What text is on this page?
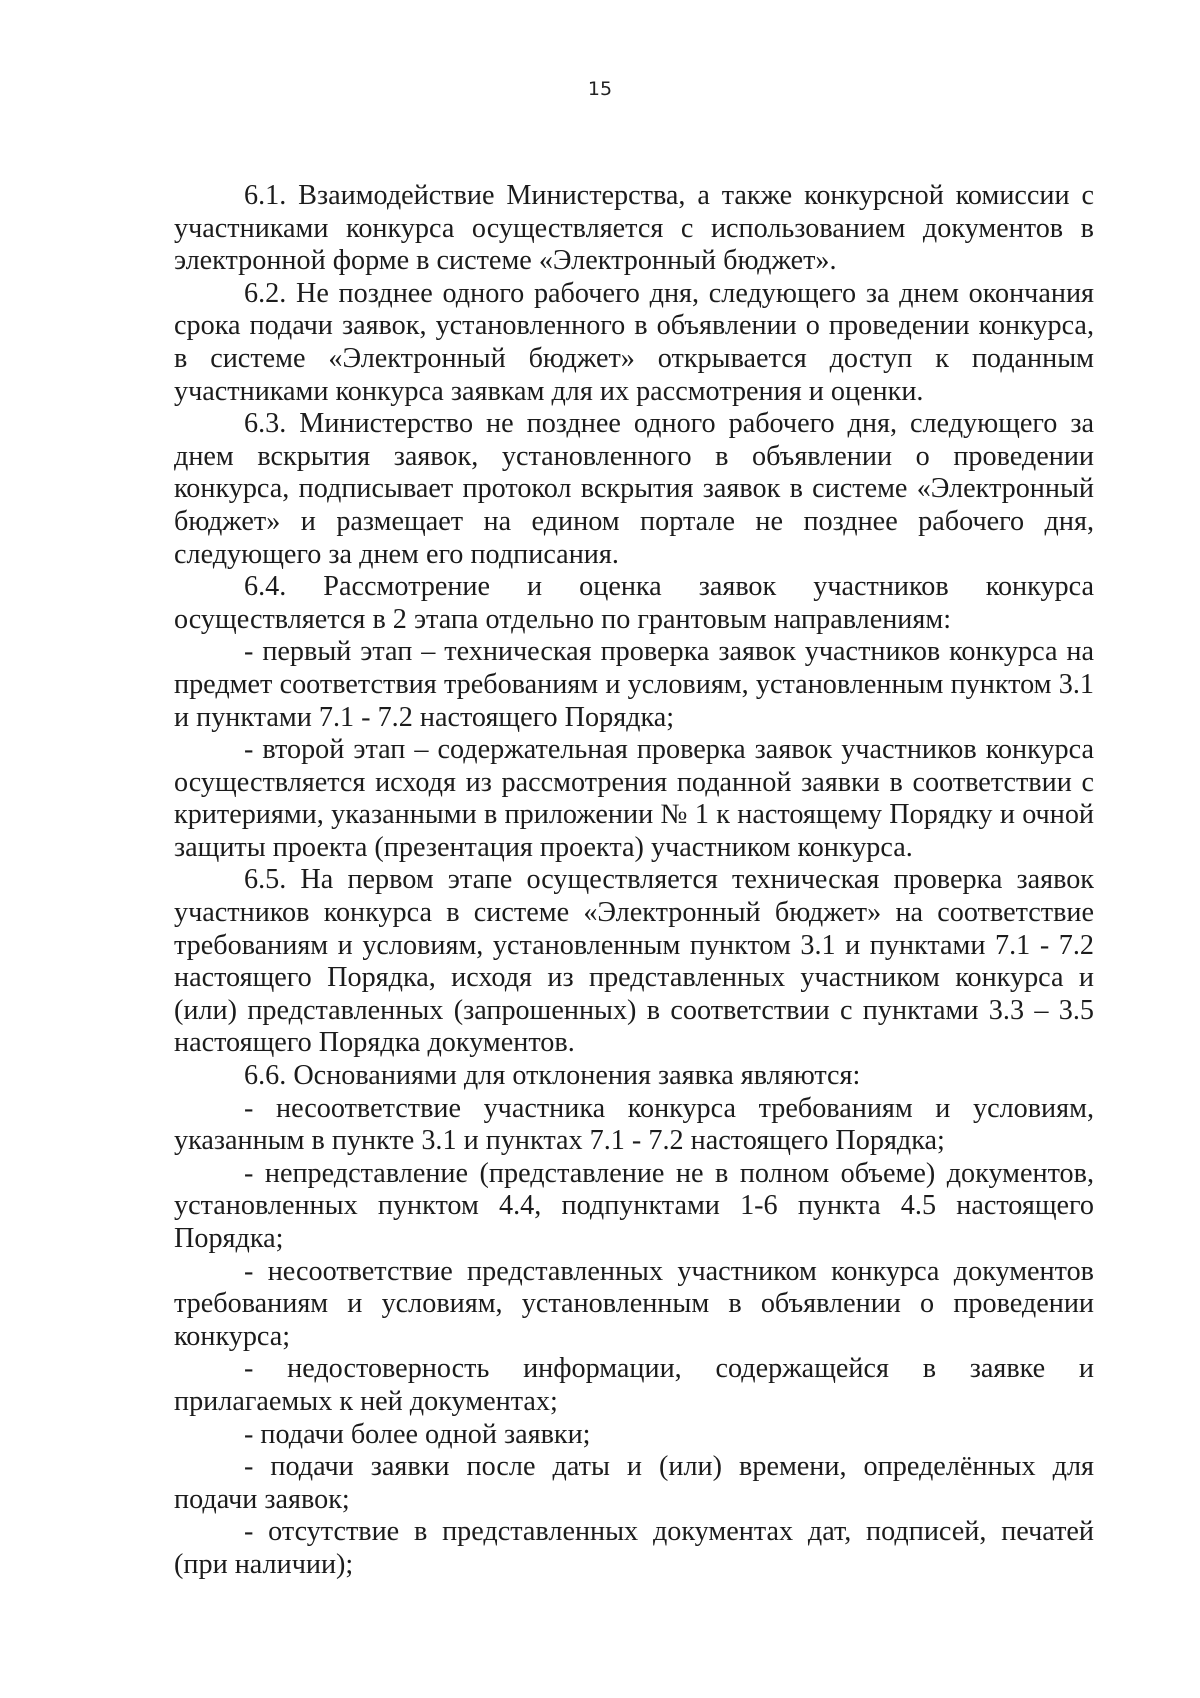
15

6.1. Взаимодействие Министерства, а также конкурсной комиссии с участниками конкурса осуществляется с использованием документов в электронной форме в системе «Электронный бюджет».

6.2. Не позднее одного рабочего дня, следующего за днем окончания срока подачи заявок, установленного в объявлении о проведении конкурса, в системе «Электронный бюджет» открывается доступ к поданным участниками конкурса заявкам для их рассмотрения и оценки.

6.3. Министерство не позднее одного рабочего дня, следующего за днем вскрытия заявок, установленного в объявлении о проведении конкурса, подписывает протокол вскрытия заявок в системе «Электронный бюджет» и размещает на едином портале не позднее рабочего дня, следующего за днем его подписания.

6.4. Рассмотрение и оценка заявок участников конкурса осуществляется в 2 этапа отдельно по грантовым направлениям:

- первый этап – техническая проверка заявок участников конкурса на предмет соответствия требованиям и условиям, установленным пунктом 3.1 и пунктами 7.1 - 7.2 настоящего Порядка;

- второй этап – содержательная проверка заявок участников конкурса осуществляется исходя из рассмотрения поданной заявки в соответствии с критериями, указанными в приложении № 1 к настоящему Порядку и очной защиты проекта (презентация проекта) участником конкурса.

6.5. На первом этапе осуществляется техническая проверка заявок участников конкурса в системе «Электронный бюджет» на соответствие требованиям и условиям, установленным пунктом 3.1 и пунктами 7.1 - 7.2 настоящего Порядка, исходя из представленных участником конкурса и (или) представленных (запрошенных) в соответствии с пунктами 3.3 – 3.5 настоящего Порядка документов.

6.6. Основаниями для отклонения заявка являются:

- несоответствие участника конкурса требованиям и условиям, указанным в пункте 3.1 и пунктах 7.1 - 7.2 настоящего Порядка;

- непредставление (представление не в полном объеме) документов, установленных пунктом 4.4, подпунктами 1-6 пункта 4.5 настоящего Порядка;

- несоответствие представленных участником конкурса документов требованиям и условиям, установленным в объявлении о проведении конкурса;

- недостоверность информации, содержащейся в заявке и прилагаемых к ней документах;

- подачи более одной заявки;

- подачи заявки после даты и (или) времени, определённых для подачи заявок;

- отсутствие в представленных документах дат, подписей, печатей (при наличии);
